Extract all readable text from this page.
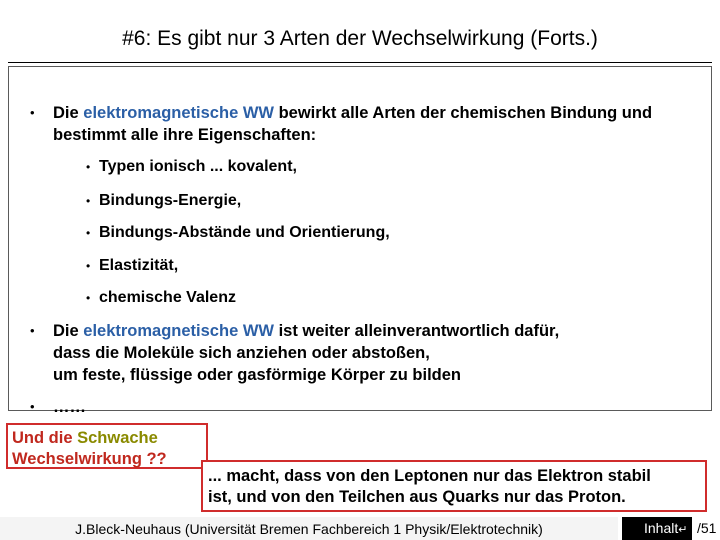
#6: Es gibt nur 3 Arten der Wechselwirkung (Forts.)
• Die elektromagnetische WW bewirkt alle Arten der chemischen Bindung und
bestimmt alle ihre Eigenschaften:
• Typen ionisch ... kovalent,
• Bindungs-Energie,
• Bindungs-Abstände und Orientierung,
• Elastizität,
• chemische Valenz
• Die elektromagnetische WW ist weiter alleinverantwortlich dafür,
dass die Moleküle sich anziehen oder abstoßen,
um feste, flüssige oder gasförmige Körper zu bilden
• ……
Und die Schwache
Wechselwirkung ??
... macht, dass von den Leptonen nur das Elektron stabil
ist, und von den Teilchen aus Quarks nur das Proton.
J.Bleck-Neuhaus (Universität Bremen Fachbereich 1 Physik/Elektrotechnik)	Inhalt↵ /51
